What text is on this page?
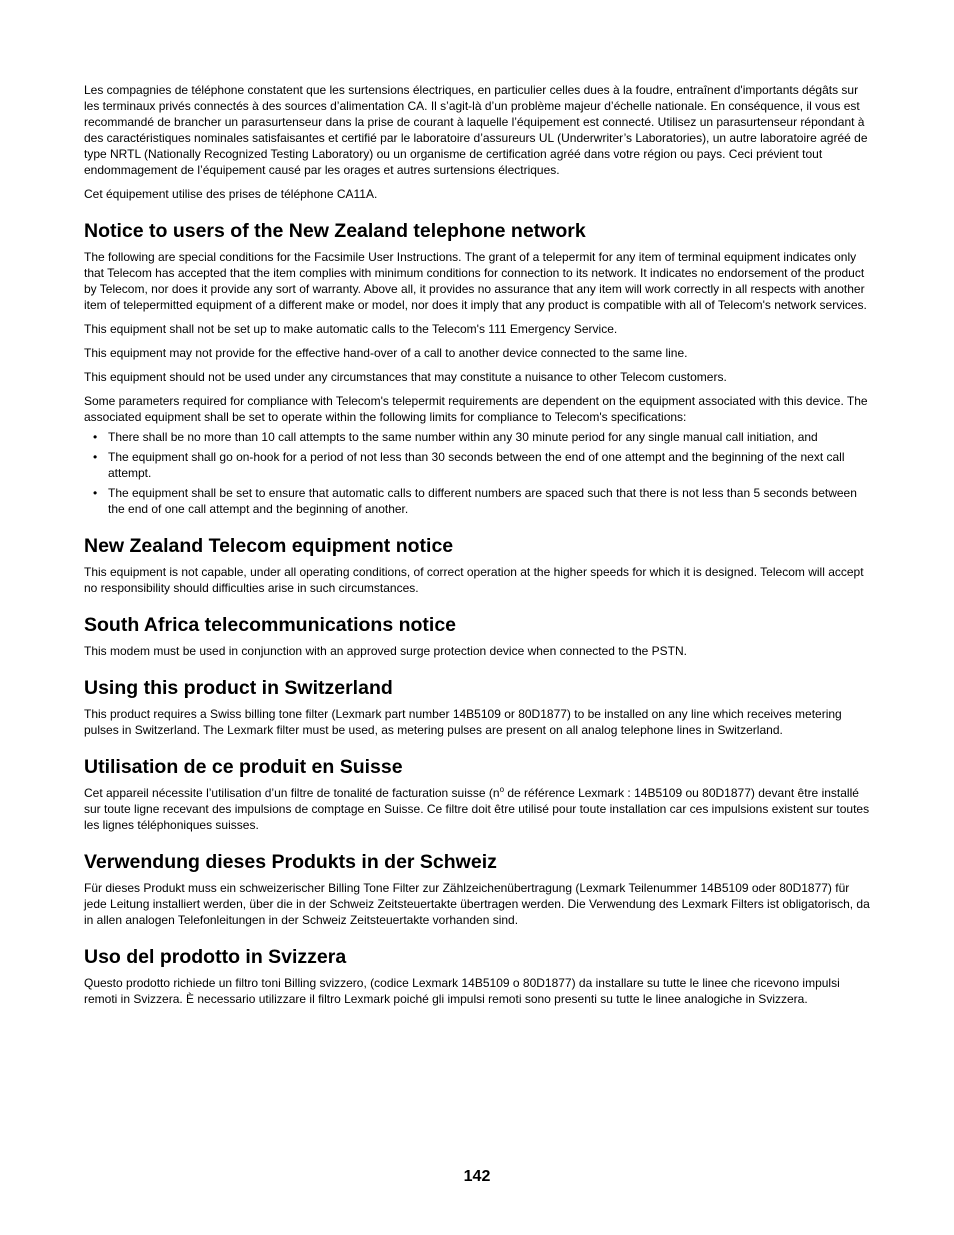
Les compagnies de téléphone constatent que les surtensions électriques, en particulier celles dues à la foudre, entraînent d'importants dégâts sur les terminaux privés connectés à des sources d’alimentation CA. Il s’agit-là d’un problème majeur d’échelle nationale. En conséquence, il vous est recommandé de brancher un parasurtenseur dans la prise de courant à laquelle l’équipement est connecté. Utilisez un parasurtenseur répondant à des caractéristiques nominales satisfaisantes et certifié par le laboratoire d’assureurs UL (Underwriter’s Laboratories), un autre laboratoire agréé de type NRTL (Nationally Recognized Testing Laboratory) ou un organisme de certification agréé dans votre région ou pays. Ceci prévient tout endommagement de l’équipement causé par les orages et autres surtensions électriques.

Cet équipement utilise des prises de téléphone CA11A.

Notice to users of the New Zealand telephone network

The following are special conditions for the Facsimile User Instructions. The grant of a telepermit for any item of terminal equipment indicates only that Telecom has accepted that the item complies with minimum conditions for connection to its network. It indicates no endorsement of the product by Telecom, nor does it provide any sort of warranty. Above all, it provides no assurance that any item will work correctly in all respects with another item of telepermitted equipment of a different make or model, nor does it imply that any product is compatible with all of Telecom's network services.

This equipment shall not be set up to make automatic calls to the Telecom's 111 Emergency Service.

This equipment may not provide for the effective hand-over of a call to another device connected to the same line.

This equipment should not be used under any circumstances that may constitute a nuisance to other Telecom customers.

Some parameters required for compliance with Telecom's telepermit requirements are dependent on the equipment associated with this device. The associated equipment shall be set to operate within the following limits for compliance to Telecom's specifications:

• There shall be no more than 10 call attempts to the same number within any 30 minute period for any single manual call initiation, and
• The equipment shall go on-hook for a period of not less than 30 seconds between the end of one attempt and the beginning of the next call attempt.
• The equipment shall be set to ensure that automatic calls to different numbers are spaced such that there is not less than 5 seconds between the end of one call attempt and the beginning of another.
New Zealand Telecom equipment notice

This equipment is not capable, under all operating conditions, of correct operation at the higher speeds for which it is designed. Telecom will accept no responsibility should difficulties arise in such circumstances.

South Africa telecommunications notice

This modem must be used in conjunction with an approved surge protection device when connected to the PSTN.

Using this product in Switzerland

This product requires a Swiss billing tone filter (Lexmark part number 14B5109 or 80D1877) to be installed on any line which receives metering pulses in Switzerland. The Lexmark filter must be used, as metering pulses are present on all analog telephone lines in Switzerland.

Utilisation de ce produit en Suisse

Cet appareil nécessite l’utilisation d’un filtre de tonalité de facturation suisse ($n^o$ de référence Lexmark : 14B5109 ou 80D1877) devant être installé sur toute ligne recevant des impulsions de comptage en Suisse. Ce filtre doit être utilisé pour toute installation car ces impulsions existent sur toutes les lignes téléphoniques suisses.

Verwendung dieses Produkts in der Schweiz

Für dieses Produkt muss ein schweizerischer Billing Tone Filter zur Zählzeichenübertragung (Lexmark Teilenummer 14B5109 oder 80D1877) für jede Leitung installiert werden, über die in der Schweiz Zeitsteuertakte übertragen werden. Die Verwendung des Lexmark Filters ist obligatorisch, da in allen analogen Telefonleitungen in der Schweiz Zeitsteuertakte vorhanden sind.

Uso del prodotto in Svizzera

Questo prodotto richiede un filtro toni Billing svizzero, (codice Lexmark 14B5109 o 80D1877) da installare su tutte le linee che ricevono impulsi remoti in Svizzera. È necessario utilizzare il filtro Lexmark poiché gli impulsi remoti sono presenti su tutte le linee analogiche in Svizzera.

142
